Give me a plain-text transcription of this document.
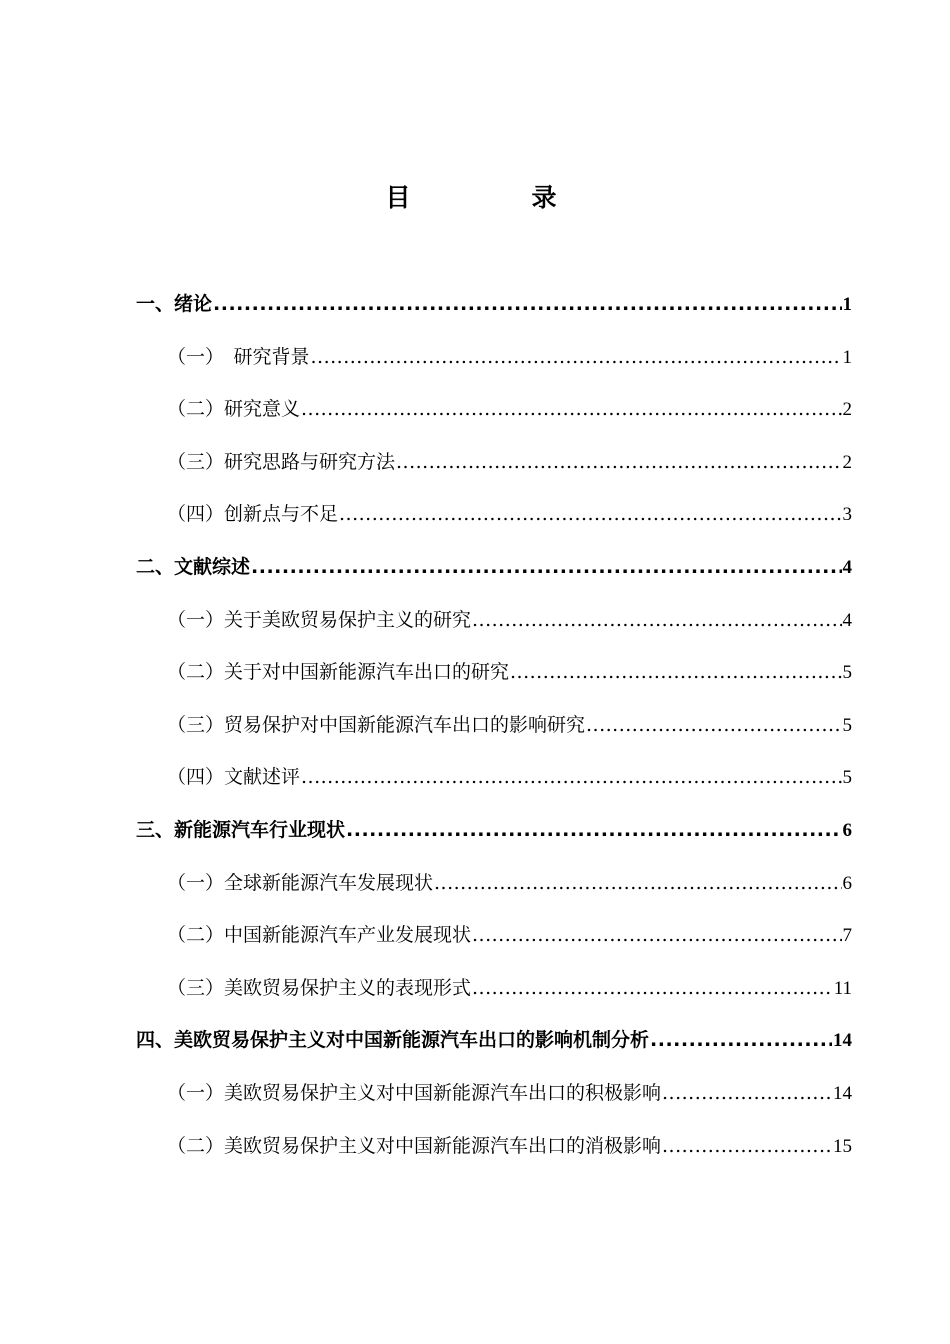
目　录
一、绪论 .....	1
（一）　研究背景 .....	1
（二）研究意义 .....	2
（三）研究思路与研究方法 .....	2
（四）创新点与不足 .....	3
二、文献综述 .....	4
（一）关于美欧贸易保护主义的研究 .....	4
（二）关于对中国新能源汽车出口的研究 .....	5
（三）贸易保护对中国新能源汽车出口的影响研究 .....	5
（四）文献述评 .....	5
三、新能源汽车行业现状 .....	6
（一）全球新能源汽车发展现状 .....	6
（二）中国新能源汽车产业发展现状 .....	7
（三）美欧贸易保护主义的表现形式 .....	11
四、美欧贸易保护主义对中国新能源汽车出口的影响机制分析 .....	14
（一）美欧贸易保护主义对中国新能源汽车出口的积极影响 .....	14
（二）美欧贸易保护主义对中国新能源汽车出口的消极影响 .....	15
